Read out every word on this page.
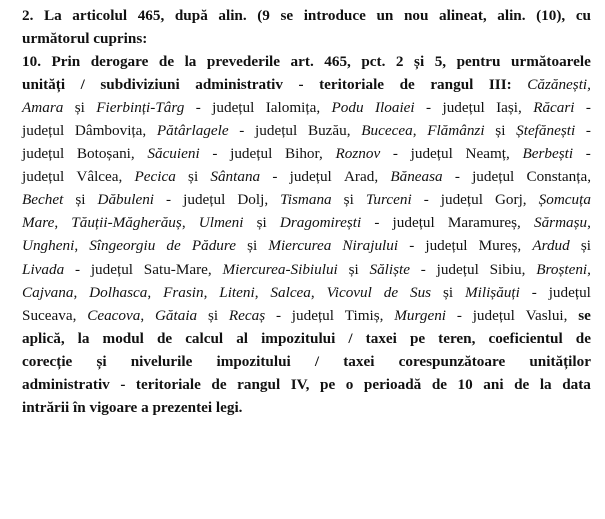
2. La articolul 465, după alin. (9 se introduce un nou alineat, alin. (10), cu
următorul cuprins:
10. Prin derogare de la prevederile art. 465, pct. 2 și 5, pentru următoarele
unități / subdiviziuni administrativ - teritoriale de rangul III: Căzănești,
Amara și Fierbinți-Târg - județul Ialomița, Podu Iloaiei - județul Iași, Răcari -
județul Dâmbovița, Pătârlagele - județul Buzău, Bucecea, Flămânzi și Ștefănești -
județul Botoșani, Săcuieni - județul Bihor, Roznov - județul Neamț, Berbești -
județul Vâlcea, Pecica și Sântana - județul Arad, Băneasa - județul Constanța,
Bechet și Dăbuleni - județul Dolj, Tismana și Turceni - județul Gorj, Șomcuța
Mare, Tăuții-Măgherăuș, Ulmeni și Dragomirești - județul Maramureș, Sărmașu,
Ungheni, Sîngeorgiu de Pădure și Miercurea Nirajului - județul Mureș, Ardud și
Livada - județul Satu-Mare, Miercurea-Sibiului și Săliște - județul Sibiu, Broșteni,
Cajvana, Dolhasca, Frasin, Liteni, Salcea, Vicovul de Sus și Milișăuți - județul
Suceava, Ceacova, Gătaia și Recaș - județul Timiș, Murgeni - județul Vaslui, se
aplică, la modul de calcul al impozitului / taxei pe teren, coeficientul de
corecție și nivelurile impozitului / taxei corespunzătoare unităților
administrativ - teritoriale de rangul IV, pe o perioadă de 10 ani de la data
intrării în vigoare a prezentei legi.
